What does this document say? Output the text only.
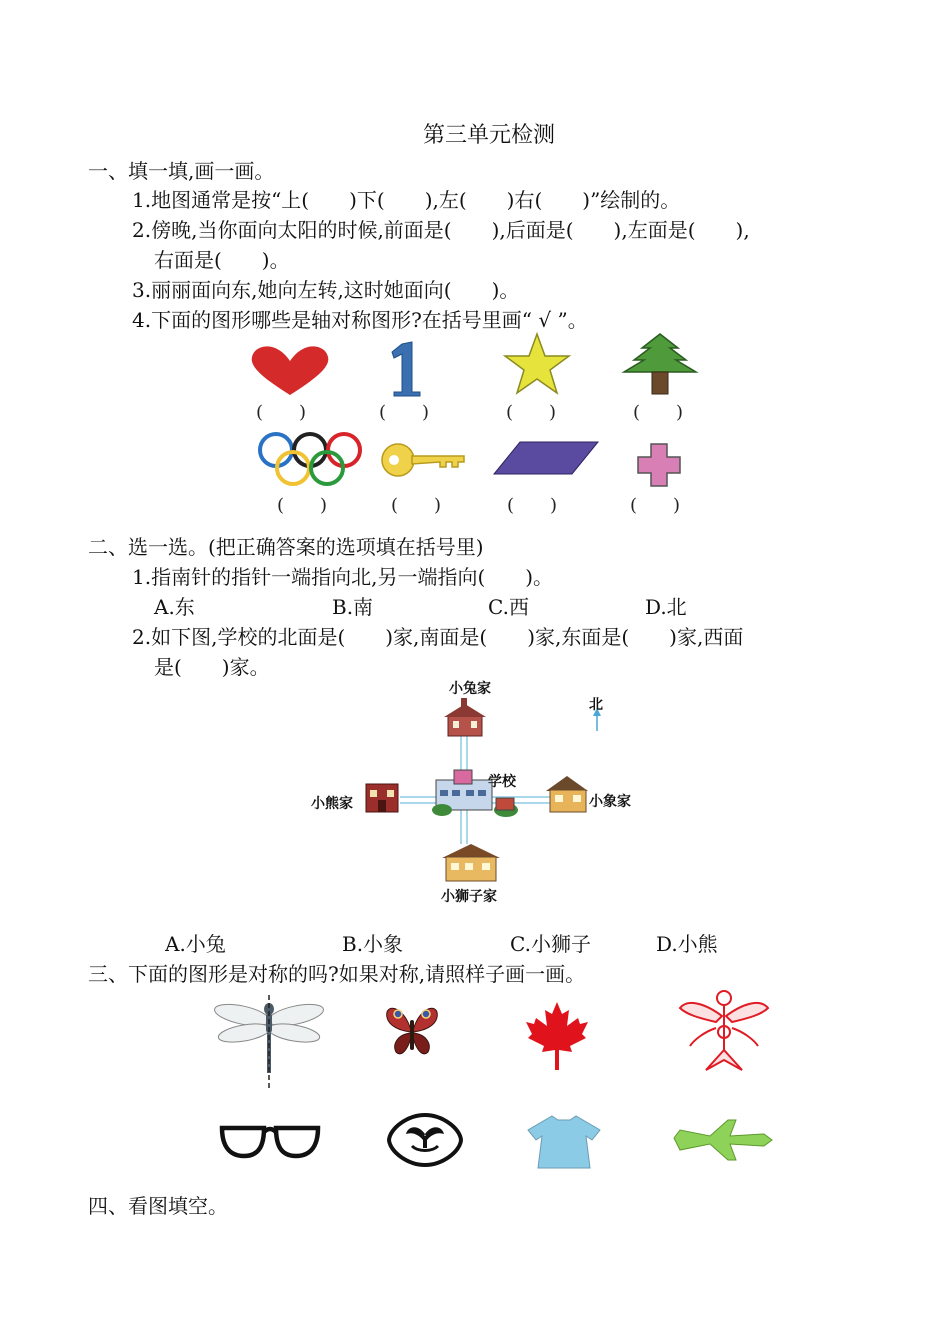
第三单元检测
一、填一填,画一画。
1.地图通常是按“上(　　)下(　　),左(　　)右(　　)”绘制的。
2.傍晚,当你面向太阳的时候,前面是(　　),后面是(　　),左面是(　　),
右面是(　　)。
3.丽丽面向东,她向左转,这时她面向(　　)。
4.下面的图形哪些是轴对称图形?在括号里画“ √ ”。
(　　)	(　　)	(　　)	(　　)
(　　)	(　　)	(　　)	(　　)
二、选一选。(把正确答案的选项填在括号里)
1.指南针的指针一端指向北,另一端指向(　　)。
A.东	B.南	C.西	D.北
2.如下图,学校的北面是(　　)家,南面是(　　)家,东面是(　　)家,西面
是(　　)家。
小兔家
北
学校
小熊家	小象家
小狮子家
A.小兔	B.小象	C.小狮子	D.小熊
三、下面的图形是对称的吗?如果对称,请照样子画一画。
四、看图填空。
